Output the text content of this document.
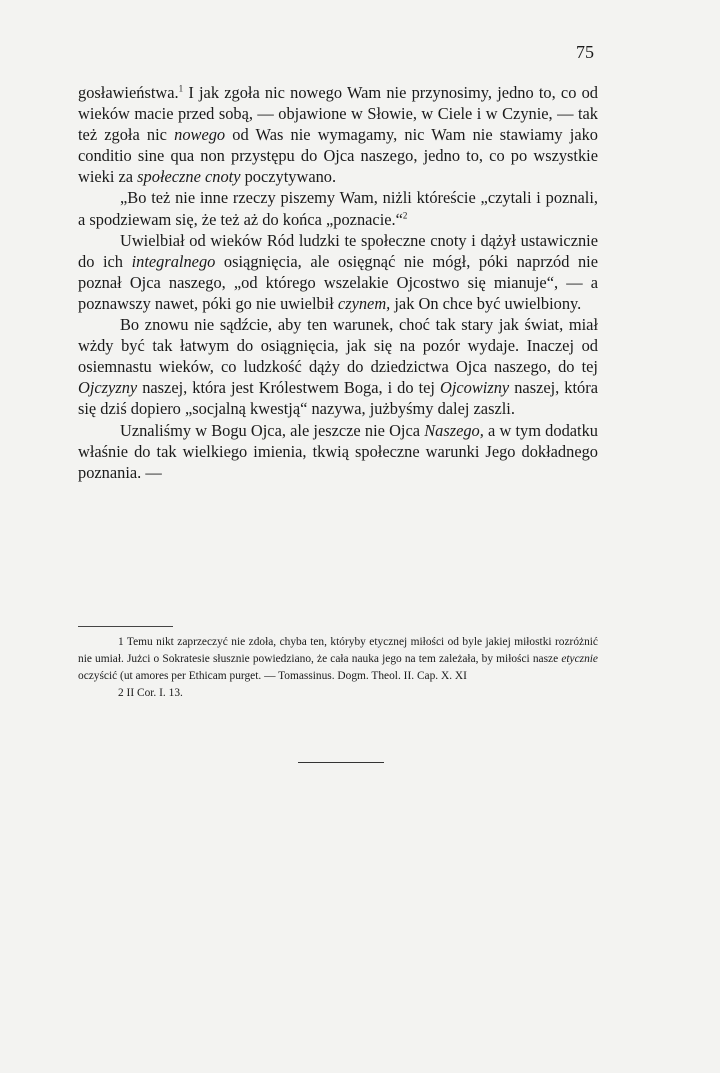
75

gosławieństwa.$^1$ I jak zgoła nic nowego Wam nie przynosimy, jedno to, co od wieków macie przed sobą, — objawione w Słowie, w Ciele i w Czynie, — tak też zgoła nic nowego od Was nie wymagamy, nic Wam nie stawiamy jako conditio sine qua non przystępu do Ojca naszego, jedno to, co po wszystkie wieki za społeczne cnoty poczytywano.

„Bo też nie inne rzeczy piszemy Wam, niżli któreście „czytali i poznali, a spodziewam się, że też aż do końca „poznacie.“$^2$

Uwielbiał od wieków Ród ludzki te społeczne cnoty i dążył ustawicznie do ich integralnego osiągnięcia, ale osięgnąć nie mógł, póki naprzód nie poznał Ojca naszego, „od którego wszelakie Ojcostwo się mianuje“, — a poznawszy nawet, póki go nie uwielbił czynem, jak On chce być uwielbiony.

Bo znowu nie sądźcie, aby ten warunek, choć tak stary jak świat, miał wżdy być tak łatwym do osiągnięcia, jak się na pozór wydaje. Inaczej od osiemnastu wieków, co ludzkość dąży do dziedzictwa Ojca naszego, do tej Ojczyzny naszej, która jest Królestwem Boga, i do tej Ojcowizny naszej, która się dziś dopiero „socjalną kwestją“ nazywa, jużbyśmy dalej zaszli.

Uznaliśmy w Bogu Ojca, ale jeszcze nie Ojca Naszego, a w tym dodatku właśnie do tak wielkiego imienia, tkwią społeczne warunki Jego dokładnego poznania. —

1 Temu nikt zaprzeczyć nie zdoła, chyba ten, któryby etycznej miłości od byle jakiej miłostki rozróżnić nie umiał. Jużci o Sokratesie słusznie powiedziano, że cała nauka jego na tem zależała, by miłości nasze etycznie oczyścić (ut amores per Ethicam purget. — Tomassinus. Dogm. Theol. II. Cap. X. XI

2 II Cor. I. 13.
